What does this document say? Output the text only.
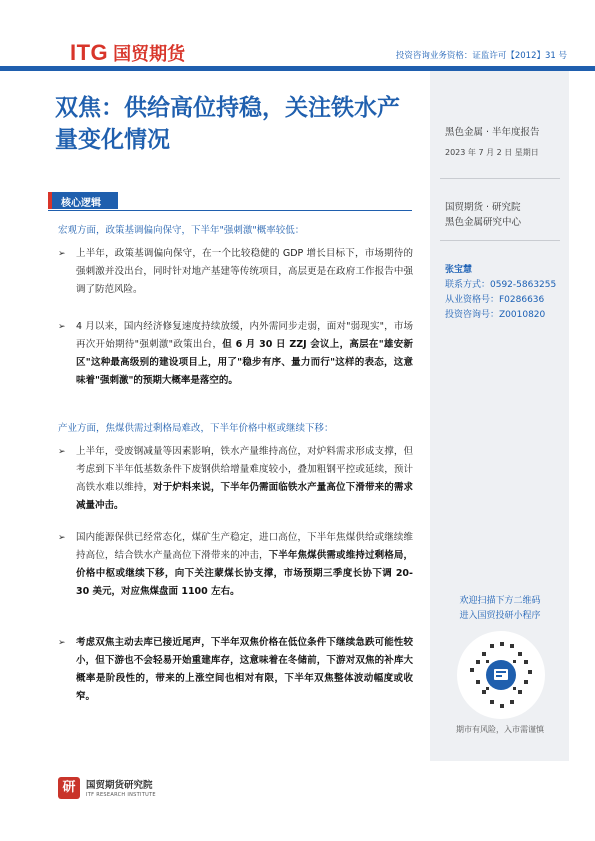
ITG 国贸期货	投资咨询业务资格：证监许可【2012】31 号
黑色金属 · 半年度报告
2023 年 7 月 2 日 星期日
国贸期货 · 研究院
黑色金属研究中心
张宝慧
联系方式：0592-5863255
从业资格号：F0286636
投资咨询号：Z0010820
欢迎扫描下方二维码
进入国贸投研小程序
期市有风险，入市需谨慎
双焦：供给高位持稳，关注铁水产量变化情况
核心逻辑
宏观方面，政策基调偏向保守，下半年"强刺激"概率较低：
➢ 上半年，政策基调偏向保守，在一个比较稳健的 GDP 增长目标下，市场期待的强刺激并没出台，同时针对地产基建等传统项目，高层更是在政府工作报告中强调了防范风险。
➢ 4 月以来，国内经济修复速度持续放缓，内外需同步走弱，面对"弱现实"，市场再次开始期待"强刺激"政策出台，但 6 月 30 日 ZZJ 会议上，高层在"雄安新区"这种最高级别的建设项目上，用了"稳步有序、量力而行"这样的表态，这意味着"强刺激"的预期大概率是落空的。
产业方面，焦煤供需过剩格局难改，下半年价格中枢或继续下移：
➢ 上半年，受废钢减量等因素影响，铁水产量维持高位，对炉料需求形成支撑，但考虑到下半年低基数条件下废钢供给增量难度较小，叠加粗钢平控或延续，预计高铁水难以维持，对于炉料来说，下半年仍需面临铁水产量高位下滑带来的需求减量冲击。
➢ 国内能源保供已经常态化，煤矿生产稳定，进口高位，下半年焦煤供给或继续维持高位，结合铁水产量高位下滑带来的冲击，下半年焦煤供需或维持过剩格局，价格中枢或继续下移，向下关注蒙煤长协支撑，市场预期三季度长协下调 20-30 美元，对应焦煤盘面 1100 左右。
➢ 考虑双焦主动去库已接近尾声，下半年双焦价格在低位条件下继续急跌可能性较小，但下游也不会轻易开始重建库存，这意味着在冬储前，下游对双焦的补库大概率是阶段性的，带来的上涨空间也相对有限，下半年双焦整体波动幅度或收窄。
研	国贸期货研究院
ITF RESEARCH INSTITUTE
